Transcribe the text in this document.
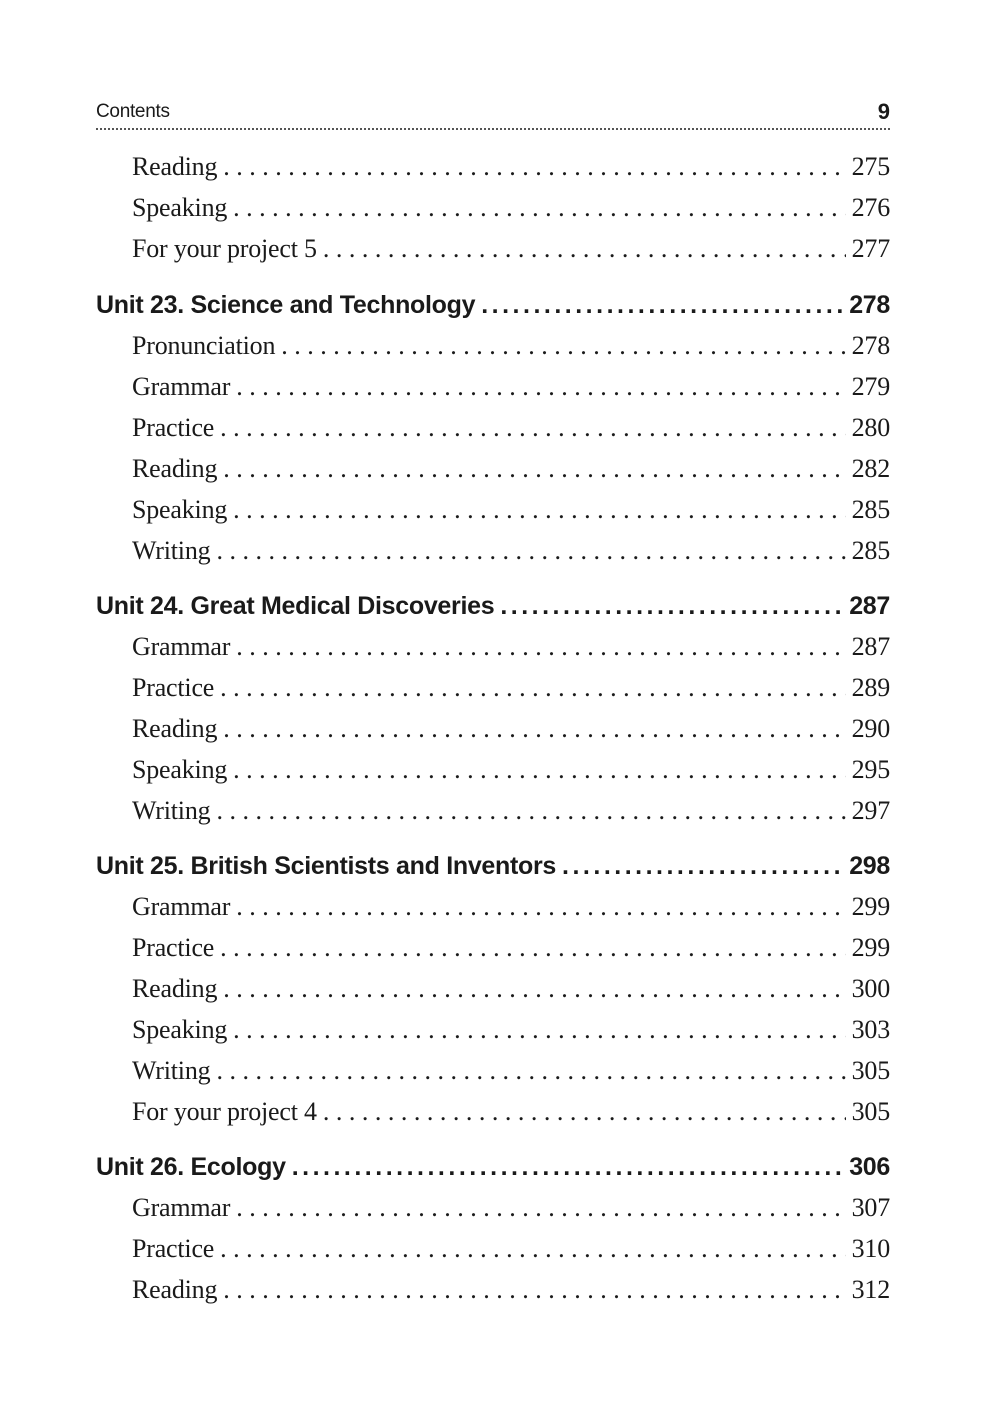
Contents	9
Reading . . .	275
Speaking . . .	276
For your project 5 . . .	277
Unit 23. Science and Technology .....	278
Pronunciation . . .	278
Grammar . . .	279
Practice . . .	280
Reading . . .	282
Speaking . . .	285
Writing . . .	285
Unit 24. Great Medical Discoveries .....	287
Grammar . . .	287
Practice . . .	289
Reading . . .	290
Speaking . . .	295
Writing . . .	297
Unit 25. British Scientists and Inventors .....	298
Grammar . . .	299
Practice . . .	299
Reading . . .	300
Speaking . . .	303
Writing . . .	305
For your project 4 . . .	305
Unit 26. Ecology .....	306
Grammar . . .	307
Practice . . .	310
Reading . . .	312
